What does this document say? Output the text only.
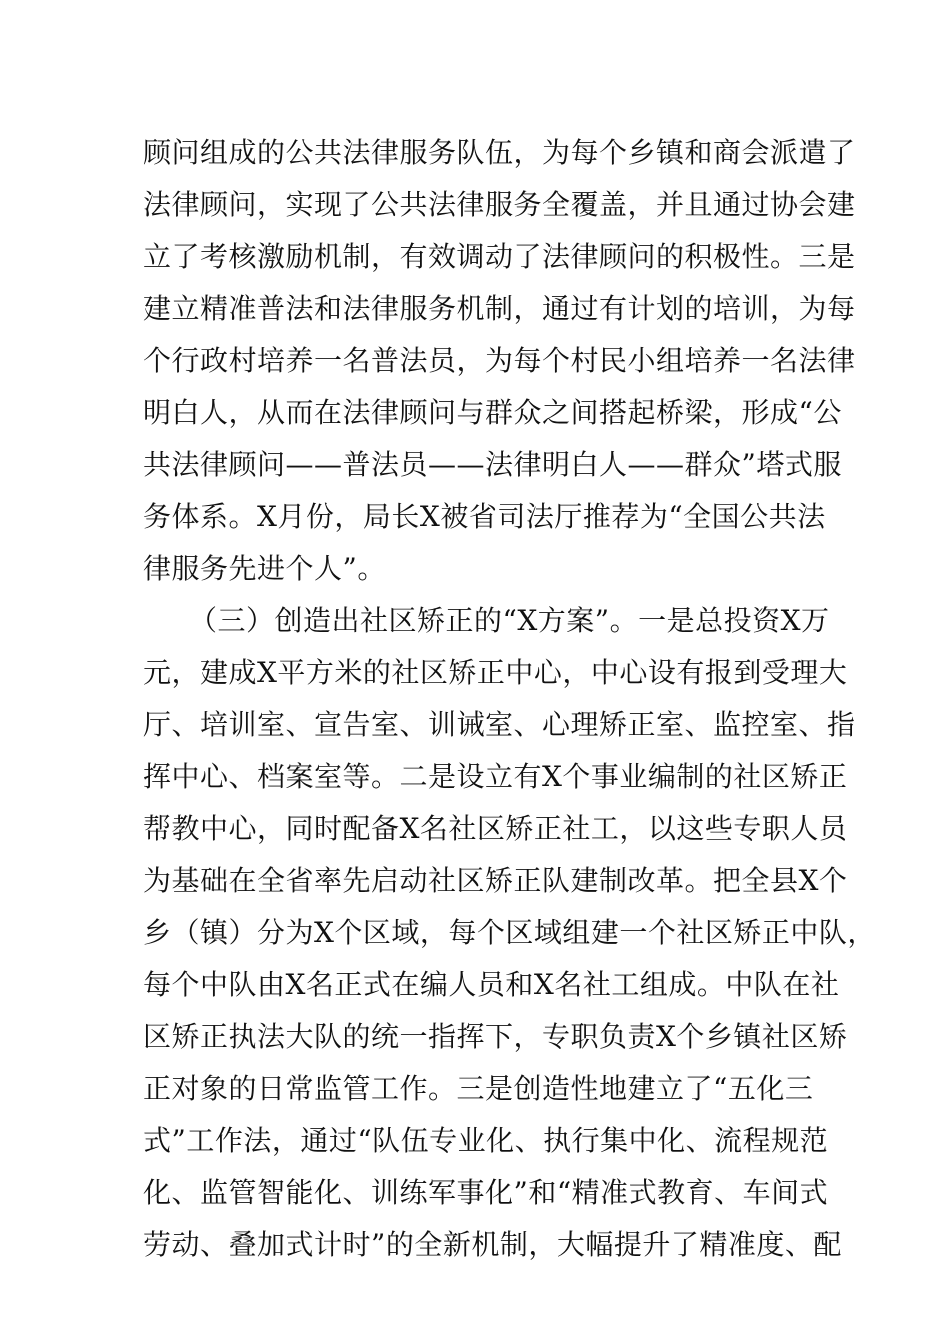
顾问组成的公共法律服务队伍，为每个乡镇和商会派遣了
法律顾问，实现了公共法律服务全覆盖，并且通过协会建
立了考核激励机制，有效调动了法律顾问的积极性。三是
建立精准普法和法律服务机制，通过有计划的培训，为每
个行政村培养一名普法员，为每个村民小组培养一名法律
明白人，从而在法律顾问与群众之间搭起桥梁，形成“公
共法律顾问——普法员——法律明白人——群众”塔式服
务体系。X月份，局长X被省司法厅推荐为“全国公共法
律服务先进个人”。
（三）创造出社区矫正的“X方案”。一是总投资X万
元，建成X平方米的社区矫正中心，中心设有报到受理大
厅、培训室、宣告室、训诫室、心理矫正室、监控室、指
挥中心、档案室等。二是设立有X个事业编制的社区矫正
帮教中心，同时配备X名社区矫正社工，以这些专职人员
为基础在全省率先启动社区矫正队建制改革。把全县X个
乡（镇）分为X个区域，每个区域组建一个社区矫正中队，
每个中队由X名正式在编人员和X名社工组成。中队在社
区矫正执法大队的统一指挥下，专职负责X个乡镇社区矫
正对象的日常监管工作。三是创造性地建立了“五化三
式”工作法，通过“队伍专业化、执行集中化、流程规范
化、监管智能化、训练军事化”和“精准式教育、车间式
劳动、叠加式计时”的全新机制，大幅提升了精准度、配
